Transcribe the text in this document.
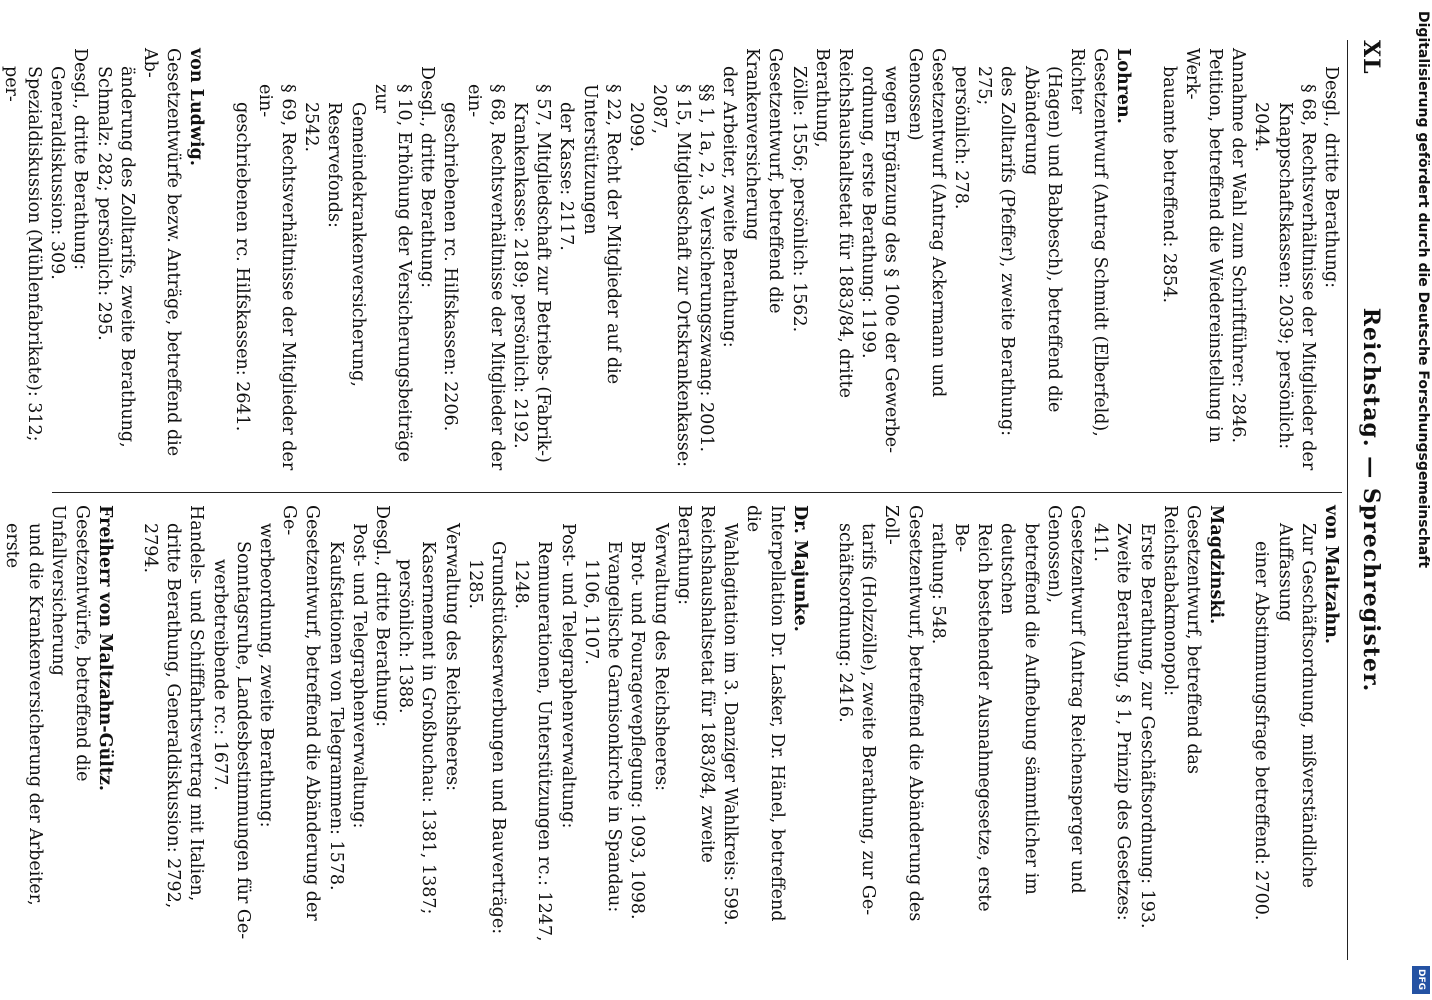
XL
Reichstag. — Sprechregister.
Desgl., dritte Berathung:
§ 68, Rechtsverhältnisse der Mitglieder der
Knappschaftskassen: 2039; persönlich: 2044.
Annahme der Wahl zum Schriftführer: 2846.
Petition, betreffend die Wiedereinstellung in Werk-
bauamte betreffend: 2854.
Lohren.
Gesetzentwurf (Antrag Schmidt (Elberfeld), Richter
(Hagen) und Babbesch), betreffend die Abänderung
des Zolltarifs (Pfeffer), zweite Berathung: 275;
persönlich: 278.
Gesetzentwurf (Antrag Ackermann und Genossen)
wegen Ergänzung des § 100e der Gewerbe-
ordnung, erste Berathung: 1199.
Reichshaushaltsetat für 1883/84, dritte Berathung,
Zölle: 1556; persönlich: 1562.
Gesetzentwurf, betreffend die Krankenversicherung
der Arbeiter, zweite Berathung:
§§ 1, 1a, 2, 3, Versicherungszwang: 2001.
§ 15, Mitgliedschaft zur Ortskrankenkasse: 2087,
2099.
§ 22, Recht der Mitglieder auf die Unterstützungen
der Kasse: 2117.
§ 57, Mitgliedschaft zur Betriebs- (Fabrik-)
Krankenkasse: 2189; persönlich: 2192.
§ 68, Rechtsverhältnisse der Mitglieder der ein-
geschriebenen rc. Hilfskassen: 2206.
Desgl., dritte Berathung:
§ 10, Erhöhung der Versicherungsbeiträge zur
Gemeindekrankenversicherung, Reservefonds:
2542.
§ 69, Rechtsverhältnisse der Mitglieder der ein-
geschriebenen rc. Hilfskassen: 2641.
von Ludwig.
Gesetzentwürfe bezw. Anträge, betreffend die Ab-
änderung des Zolltarifs, zweite Berathung,
Schmalz: 282; persönlich: 295.
Desgl., dritte Berathung:
Generaldiskussion: 309.
Spezialdiskussion (Mühlenfabrikate): 312; per-
von Maltzahn.
Zur Geschäftsordnung, mißverständliche Auffassung
einer Abstimmungsfrage betreffend: 2700.
Magdzinski.
Gesetzentwurf, betreffend das Reichstabakmonopol:
Erste Berathung, zur Geschäftsordnung: 193.
Zweite Berathung, § 1, Prinzip des Gesetzes: 411.
Gesetzentwurf (Antrag Reichensperger und Genossen),
betreffend die Aufhebung sämmtlicher im deutschen
Reich bestehender Ausnahmegesetze, erste Be-
rathung: 548.
Gesetzentwurf, betreffend die Abänderung des Zoll-
tarifs (Holzzölle), zweite Berathung, zur Ge-
schäftsordnung: 2416.
Dr. Majunke.
Interpellation Dr. Lasker, Dr. Hänel, betreffend die
Wahlagitation im 3. Danziger Wahlkreis: 599.
Reichshaushaltsetat für 1883/84, zweite Berathung:
Verwaltung des Reichsheeres:
Brot- und Fouragevepflegung: 1093, 1098.
Evangelische Garnisonkirche in Spandau:
1106, 1107.
Post- und Telegraphenverwaltung:
Remunerationen, Unterstützungen rc.: 1247,
1248.
Grundstückserwerbungen und Bauverträge:
1285.
Verwaltung des Reichsheeres:
Kasernement in Großbuchau: 1381, 1387;
persönlich: 1388.
Desgl., dritte Berathung:
Post- und Telegraphenverwaltung:
Kaufstationen von Telegrammen: 1578.
Gesetzentwurf, betreffend die Abänderung der Ge-
werbeordnung, zweite Berathung:
Sonntagsruhe, Landesbestimmungen für Ge-
werbetreibende rc.: 1677.
Handels- und Schifffahrtsvertrag mit Italien,
dritte Berathung, Generaldiskussion: 2792, 2794.
Freiherr von Maltzahn-Gültz.
Gesetzentwürfe, betreffend die Unfallversicherung
und die Krankenversicherung der Arbeiter, erste	Digitalisierung gefördert durch die Deutsche Forschungsgemeinschaft
DFG
